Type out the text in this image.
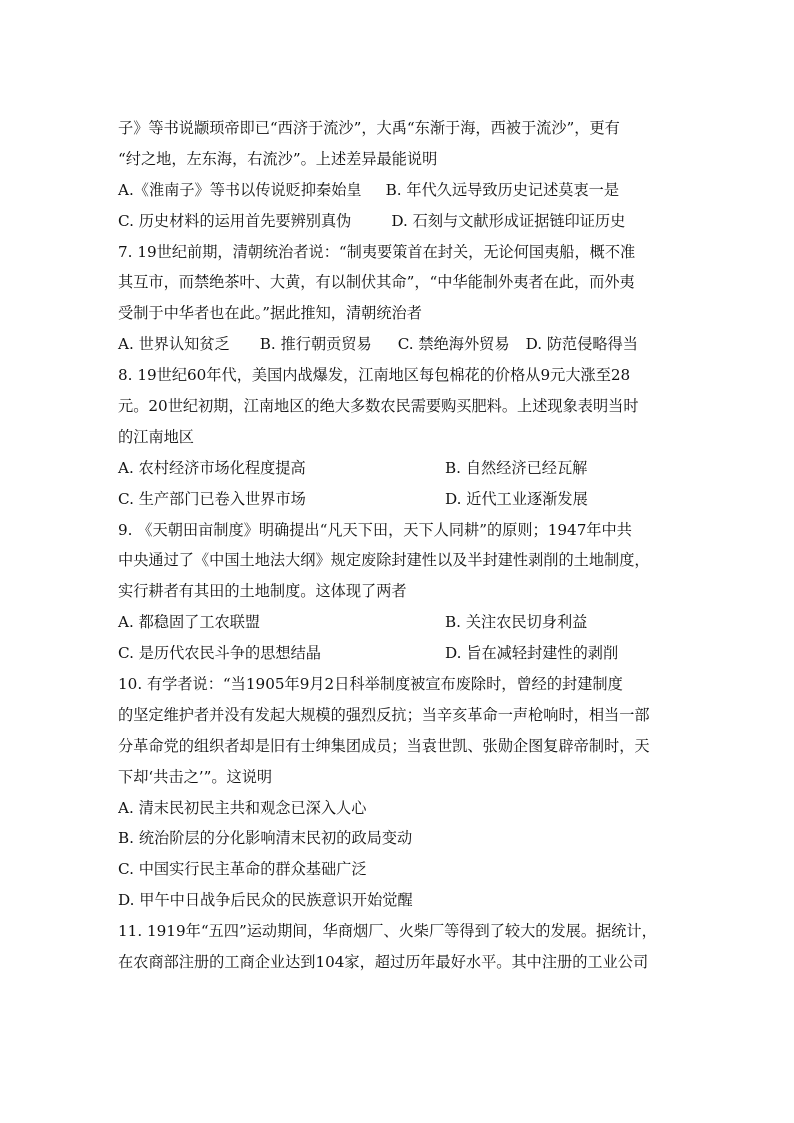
子》等书说颛顼帝即已“西济于流沙”，大禹“东渐于海，西被于流沙”，更有
“纣之地，左东海，右流沙”。上述差异最能说明
A.《淮南子》等书以传说贬抑秦始皇 B. 年代久远导致历史记述莫衷一是
C. 历史材料的运用首先要辨别真伪	D. 石刻与文献形成证据链印证历史
7. 19世纪前期，清朝统治者说：“制夷要策首在封关，无论何国夷船，概不准
其互市，而禁绝茶叶、大黄，有以制伏其命”，“中华能制外夷者在此，而外夷
受制于中华者也在此。”据此推知，清朝统治者
A. 世界认知贫乏 B. 推行朝贡贸易 C. 禁绝海外贸易 D. 防范侵略得当
8. 19世纪60年代，美国内战爆发，江南地区每包棉花的价格从9元大涨至28
元。20世纪初期，江南地区的绝大多数农民需要购买肥料。上述现象表明当时
的江南地区
A. 农村经济市场化程度提高	B. 自然经济已经瓦解
C. 生产部门已卷入世界市场	D. 近代工业逐渐发展
9. 《天朝田亩制度》明确提出“凡天下田，天下人同耕”的原则；1947年中共
中央通过了《中国土地法大纲》规定废除封建性以及半封建性剥削的土地制度，
实行耕者有其田的土地制度。这体现了两者
A. 都稳固了工农联盟	B. 关注农民切身利益
C. 是历代农民斗争的思想结晶	D. 旨在减轻封建性的剥削
10. 有学者说：“当1905年9月2日科举制度被宣布废除时，曾经的封建制度
的坚定维护者并没有发起大规模的强烈反抗；当辛亥革命一声枪响时，相当一部
分革命党的组织者却是旧有士绅集团成员；当袁世凯、张勋企图复辟帝制时，天
下却‘共击之’”。这说明
A. 清末民初民主共和观念已深入人心
B. 统治阶层的分化影响清末民初的政局变动
C. 中国实行民主革命的群众基础广泛
D. 甲午中日战争后民众的民族意识开始觉醒
11. 1919年“五四”运动期间，华商烟厂、火柴厂等得到了较大的发展。据统计，
在农商部注册的工商企业达到104家，超过历年最好水平。其中注册的工业公司
